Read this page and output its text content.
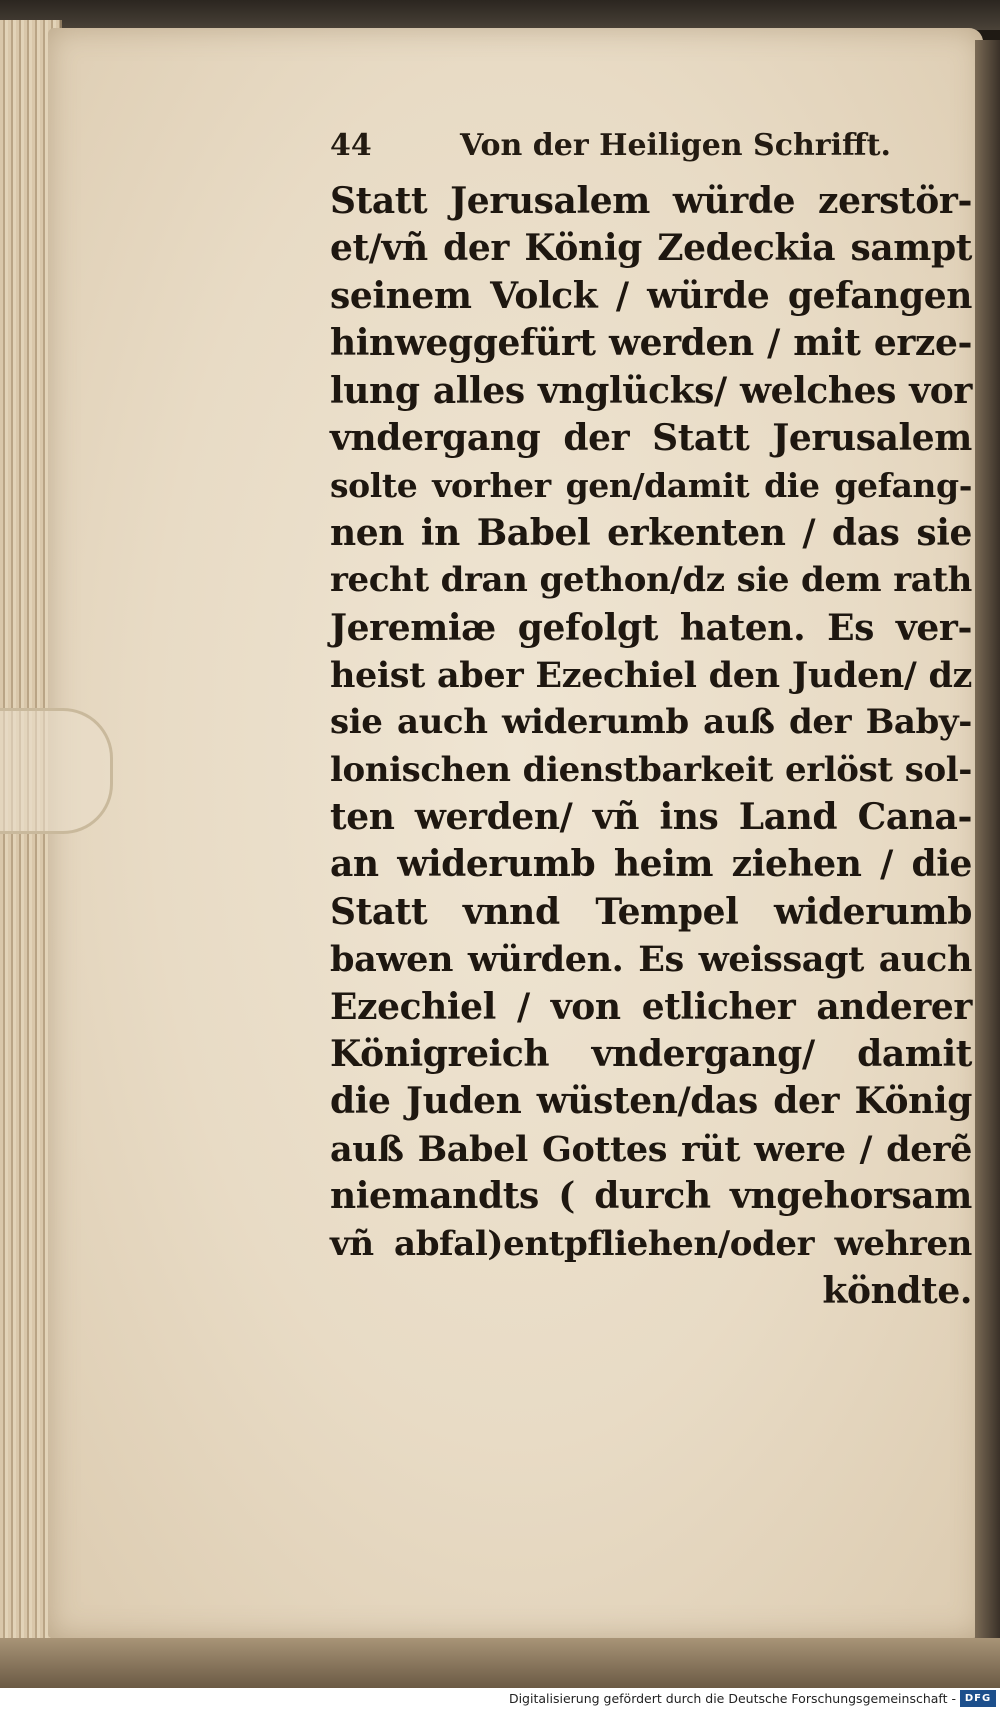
44	Von der Heiligen Schrifft.
Statt Jerusalem würde zerstör-
et/vñ der König Zedeckia sampt
seinem Volck / würde gefangen
hinweggefürt werden / mit erze-
lung alles vnglücks/ welches vor
vndergang der Statt Jerusalem
solte vorher gen/damit die gefang-
nen in Babel erkenten / das sie
recht dran gethon/dz sie dem rath
Jeremiæ gefolgt haten. Es ver-
heist aber Ezechiel den Juden/ dz
sie auch widerumb auß der Baby-
lonischen dienstbarkeit erlöst sol-
ten werden/ vñ ins Land Cana-
an widerumb heim ziehen / die
Statt vnnd Tempel widerumb
bawen würden. Es weissagt auch
Ezechiel / von etlicher anderer
Königreich vndergang/ damit
die Juden wüsten/das der König
auß Babel Gottes rüt were / derẽ
niemandts ( durch vngehorsam
vñ abfal)entpfliehen/oder wehren
köndte.
Digitalisierung gefördert durch die Deutsche Forschungsgemeinschaft - DFG
